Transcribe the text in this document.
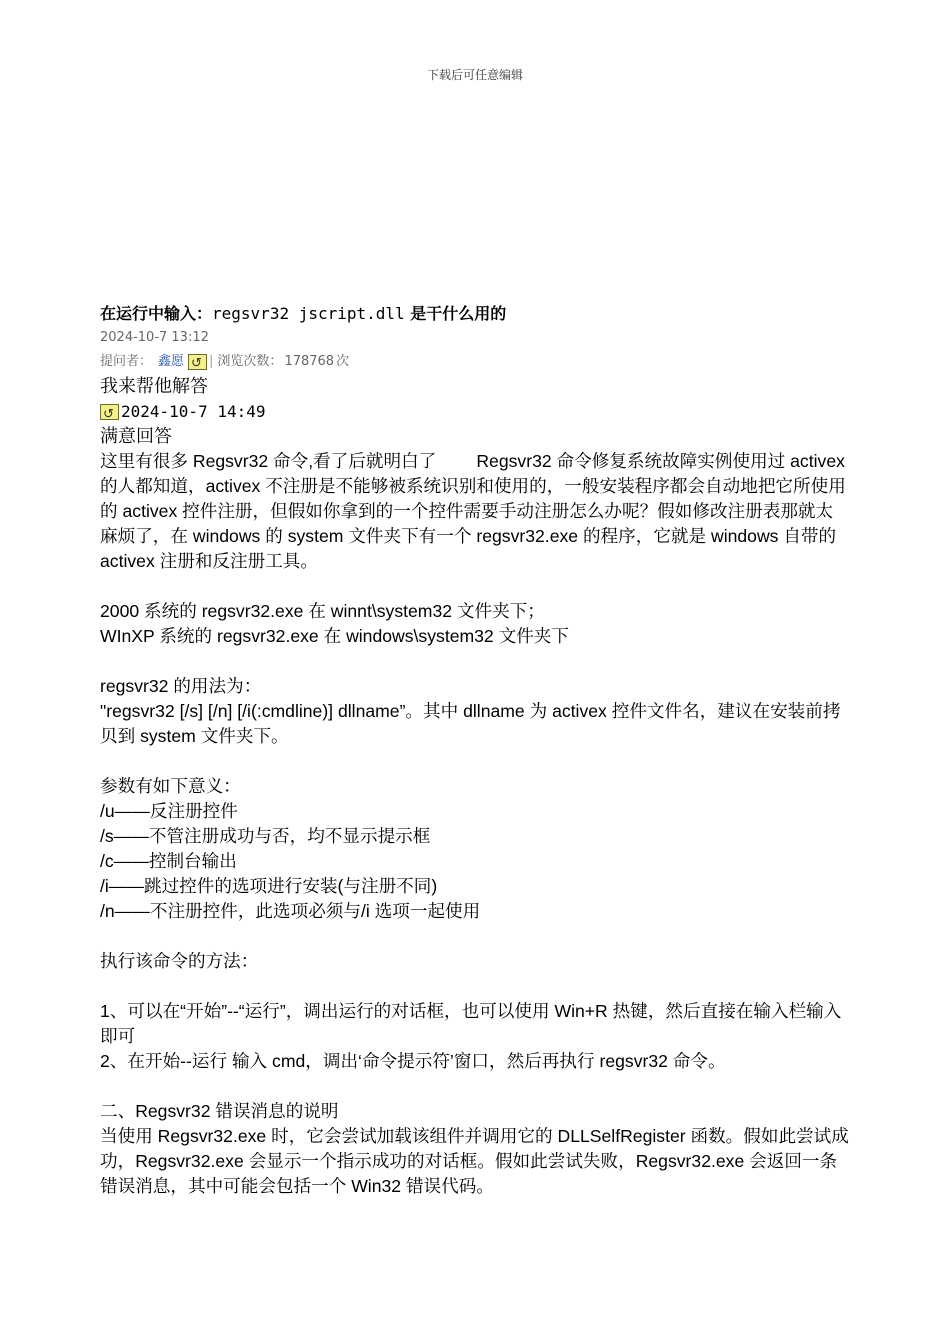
下载后可任意编辑
在运行中输入：regsvr32 jscript.dll 是干什么用的
2024-10-7 13:12
提问者： 鑫愿
↺ | 浏览次数： 178768 次
我来帮他解答
↺
2024-10-7 14:49
满意回答

这里有很多 Regsvr32 命令,看了后就明白了　　 Regsvr32 命令修复系统故障实例使用过 activex 的人都知道，activex 不注册是不能够被系统识别和使用的，一般安装程序都会自动地把它所使用的 activex 控件注册，但假如你拿到的一个控件需要手动注册怎么办呢？假如修改注册表那就太麻烦了，在 windows 的 system 文件夹下有一个 regsvr32.exe 的程序，它就是 windows 自带的 activex 注册和反注册工具。

2000 系统的 regsvr32.exe 在 winnt\system32 文件夹下；

WInXP 系统的 regsvr32.exe 在 windows\system32 文件夹下

regsvr32 的用法为：

"regsvr32 [/s] [/n] [/i(:cmdline)] dllname”。其中 dllname 为 activex 控件文件名，建议在安装前拷贝到 system 文件夹下。

参数有如下意义：

/u——反注册控件

/s——不管注册成功与否，均不显示提示框

/c——控制台输出

/i——跳过控件的选项进行安装(与注册不同)

/n——不注册控件，此选项必须与/i 选项一起使用

执行该命令的方法：

1、可以在“开始”--“运行”，调出运行的对话框，也可以使用 Win+R 热键，然后直接在输入栏输入即可

2、在开始--运行 输入 cmd，调出‘命令提示符’窗口，然后再执行 regsvr32 命令。

二、Regsvr32 错误消息的说明

当使用 Regsvr32.exe 时，它会尝试加载该组件并调用它的 DLLSelfRegister 函数。假如此尝试成功，Regsvr32.exe 会显示一个指示成功的对话框。假如此尝试失败，Regsvr32.exe 会返回一条错误消息，其中可能会包括一个 Win32 错误代码。
